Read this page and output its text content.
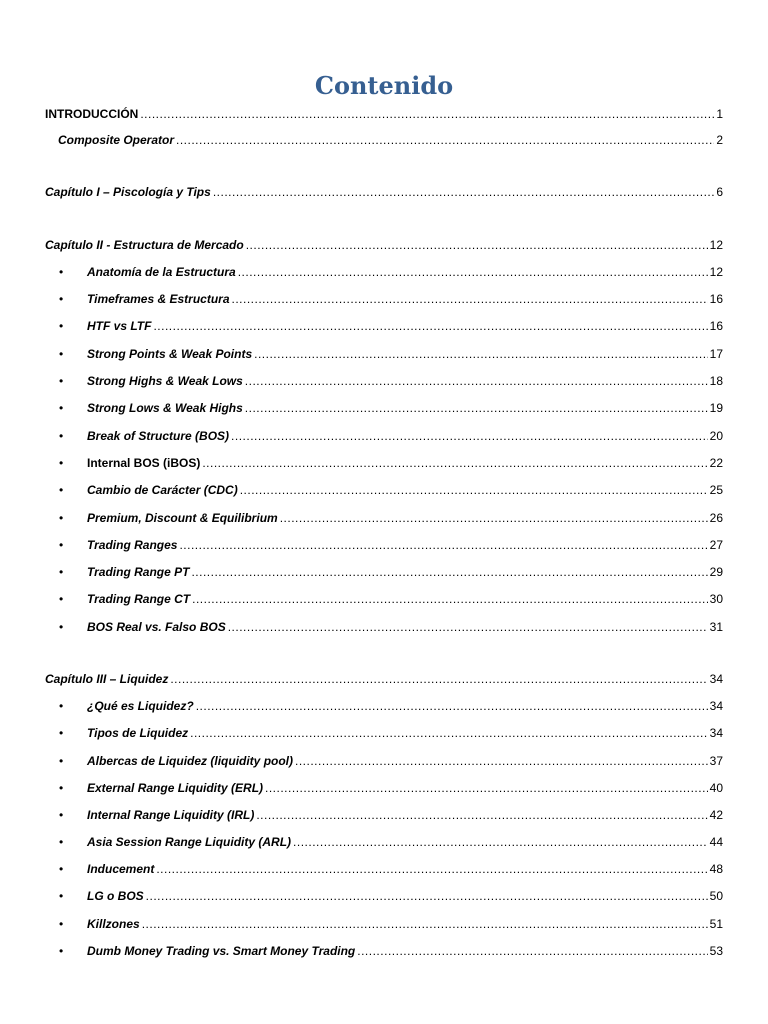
Contenido
INTRODUCCIÓN .....	1
Composite Operator .....	2
Capítulo I – Piscología y Tips .....	6
Capítulo II - Estructura de Mercado .....	12
•	Anatomía de la Estructura .....	12
•	Timeframes & Estructura .....	16
•	HTF vs LTF .....	16
•	Strong Points & Weak Points .....	17
•	Strong Highs & Weak Lows .....	18
•	Strong Lows & Weak Highs .....	19
•	Break of Structure (BOS) .....	20
•	Internal BOS (iBOS) .....	22
•	Cambio de Carácter (CDC) .....	25
•	Premium, Discount & Equilibrium .....	26
•	Trading Ranges .....	27
•	Trading Range PT .....	29
•	Trading Range CT .....	30
•	BOS Real vs. Falso BOS .....	31
Capítulo III – Liquidez .....	34
•	¿Qué es Liquidez? .....	34
•	Tipos de Liquidez .....	34
•	Albercas de Liquidez (liquidity pool) .....	37
•	External Range Liquidity (ERL) .....	40
•	Internal Range Liquidity (IRL) .....	42
•	Asia Session Range Liquidity (ARL) .....	44
•	Inducement .....	48
•	LG o BOS .....	50
•	Killzones .....	51
•	Dumb Money Trading vs. Smart Money Trading .....	53
